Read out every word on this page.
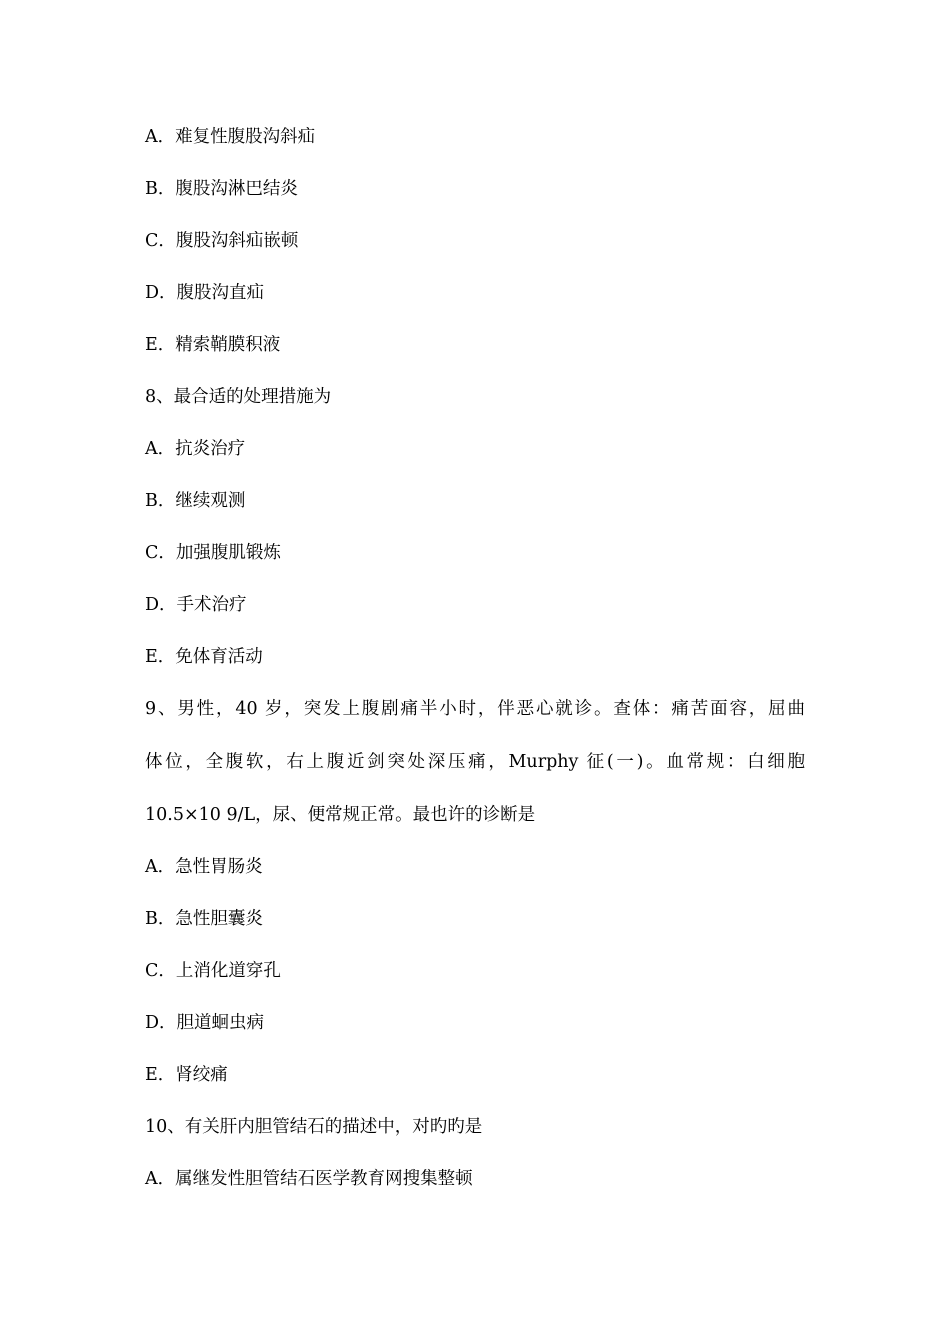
A．难复性腹股沟斜疝
B．腹股沟淋巴结炎
C．腹股沟斜疝嵌顿
D．腹股沟直疝
E．精索鞘膜积液
8、最合适的处理措施为
A．抗炎治疗
B．继续观测
C．加强腹肌锻炼
D．手术治疗
E．免体育活动
9、男性，40 岁，突发上腹剧痛半小时，伴恶心就诊。查体：痛苦面容，屈曲
体位，全腹软，右上腹近剑突处深压痛，Murphy 征(一)。血常规：白细胞
10.5×10 9/L，尿、便常规正常。最也许的诊断是
A．急性胃肠炎
B．急性胆囊炎
C．上消化道穿孔
D．胆道蛔虫病
E．肾绞痛
10、有关肝内胆管结石的描述中，对旳旳是
A．属继发性胆管结石医学教育网搜集整顿
